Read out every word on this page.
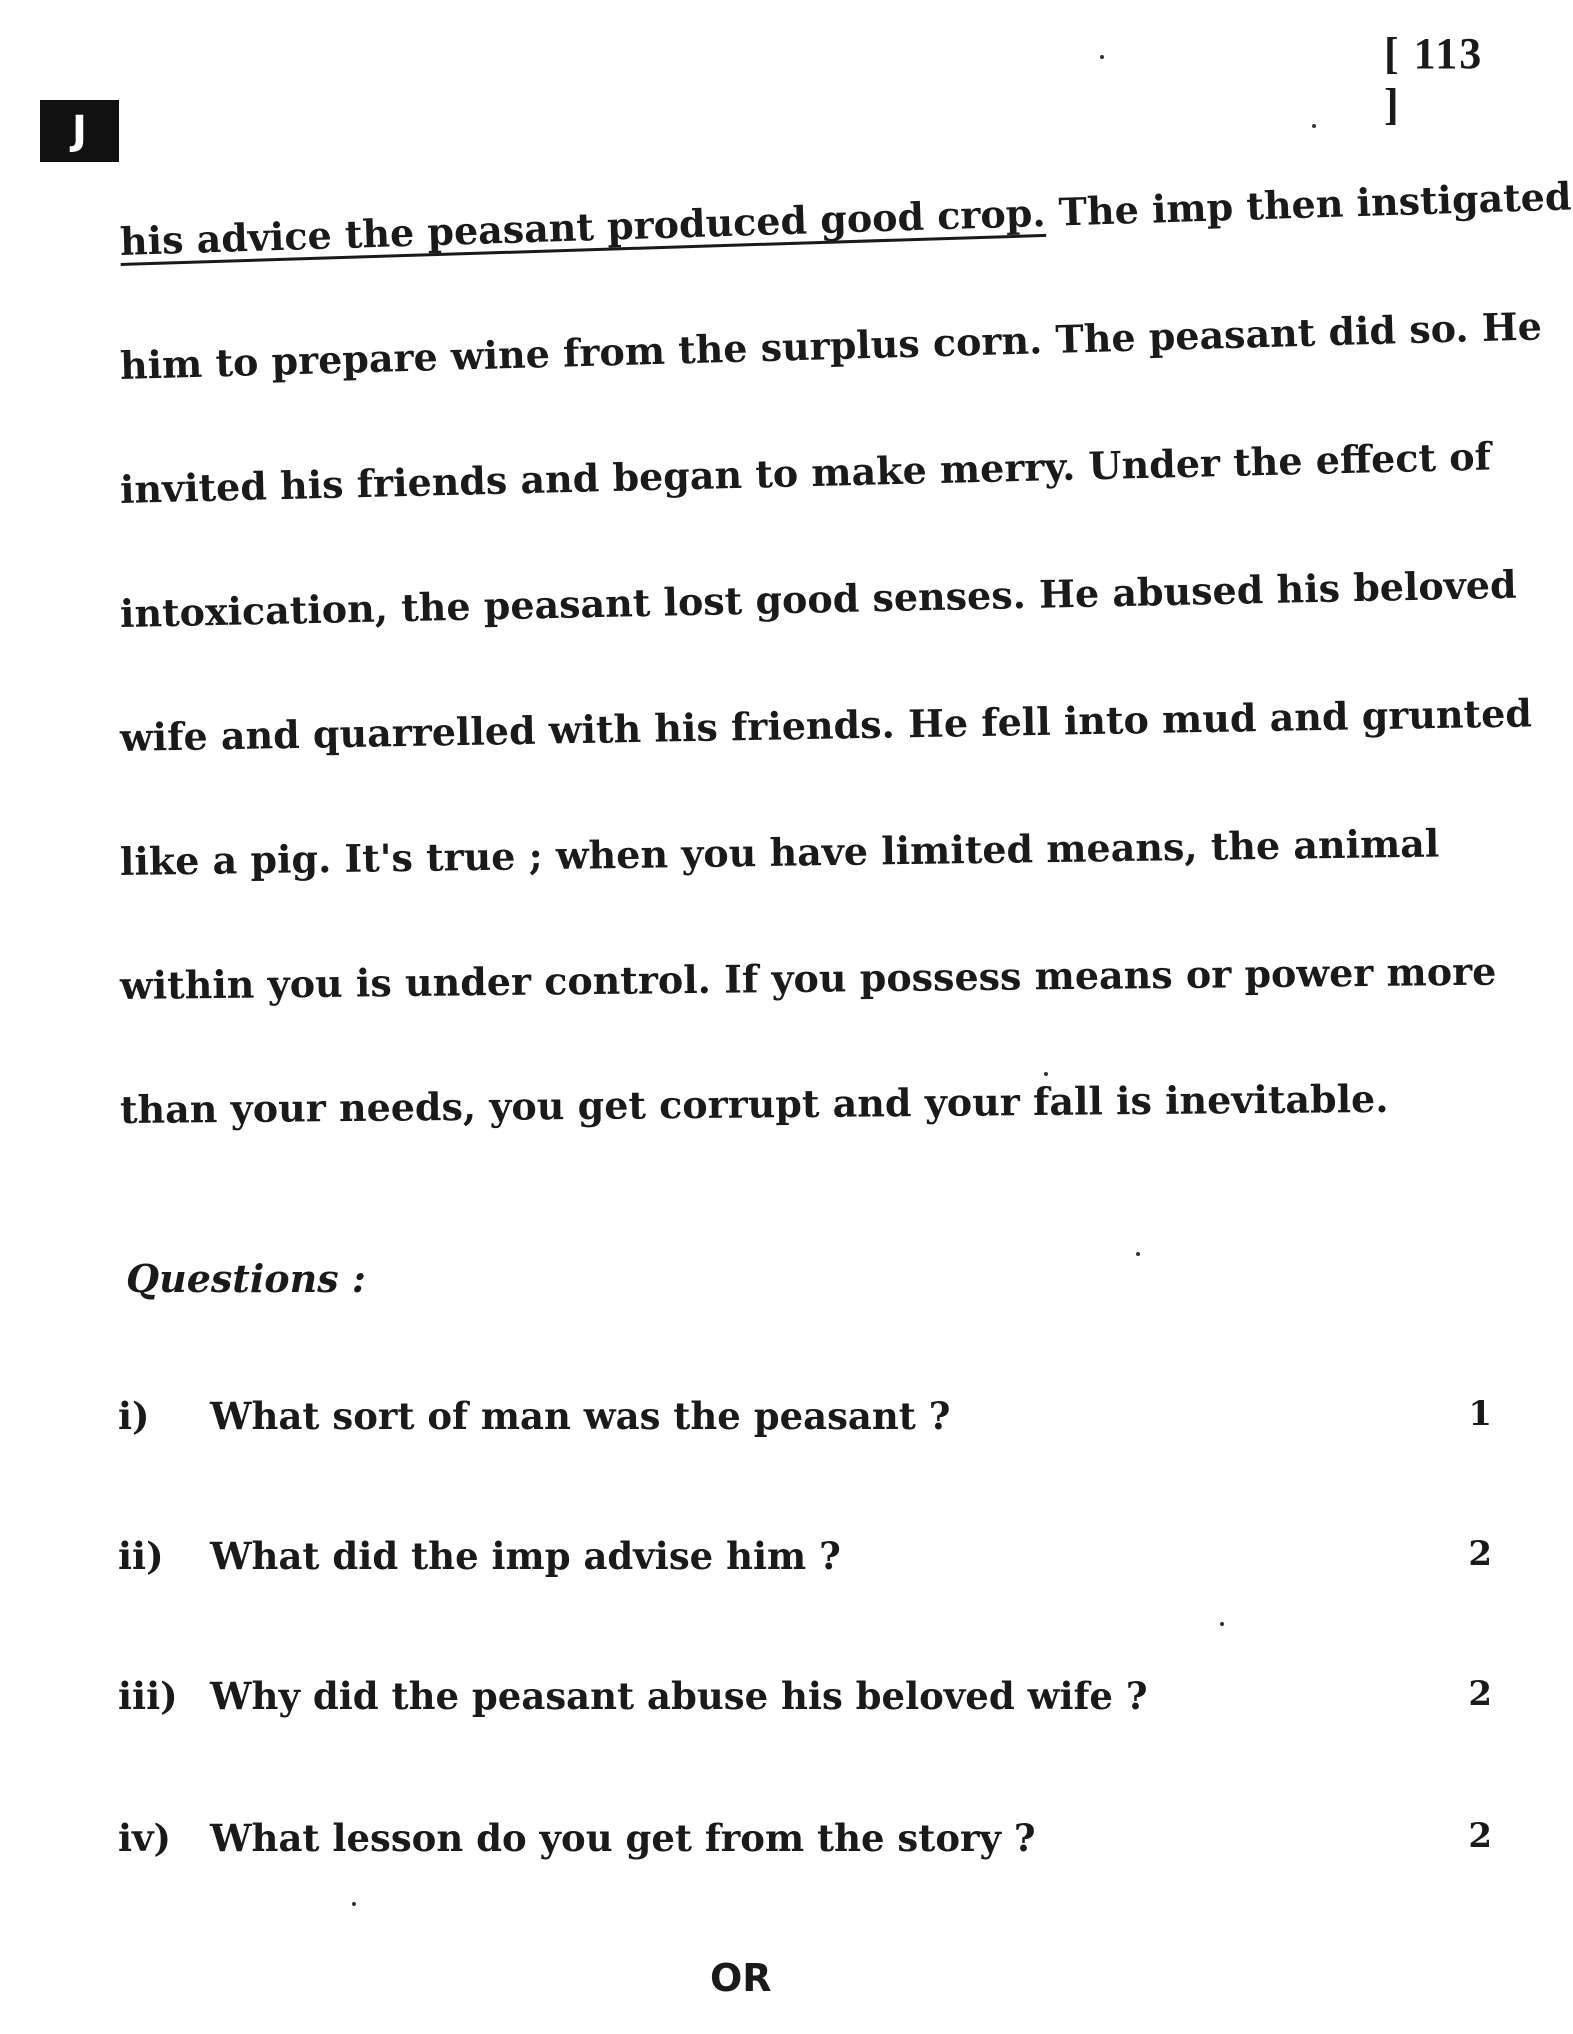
[ 113 ]
J
his advice the peasant produced good crop. The imp then instigated
him to prepare wine from the surplus corn. The peasant did so. He
invited his friends and began to make merry. Under the effect of
intoxication, the peasant lost good senses. He abused his beloved
wife and quarrelled with his friends. He fell into mud and grunted
like a pig. It's true ; when you have limited means, the animal
within you is under control. If you possess means or power more
than your needs, you get corrupt and your fall is inevitable.
Questions :
i) What sort of man was the peasant ?	1
ii) What did the imp advise him ?	2
iii) Why did the peasant abuse his beloved wife ?	2
iv) What lesson do you get from the story ?	2
OR
